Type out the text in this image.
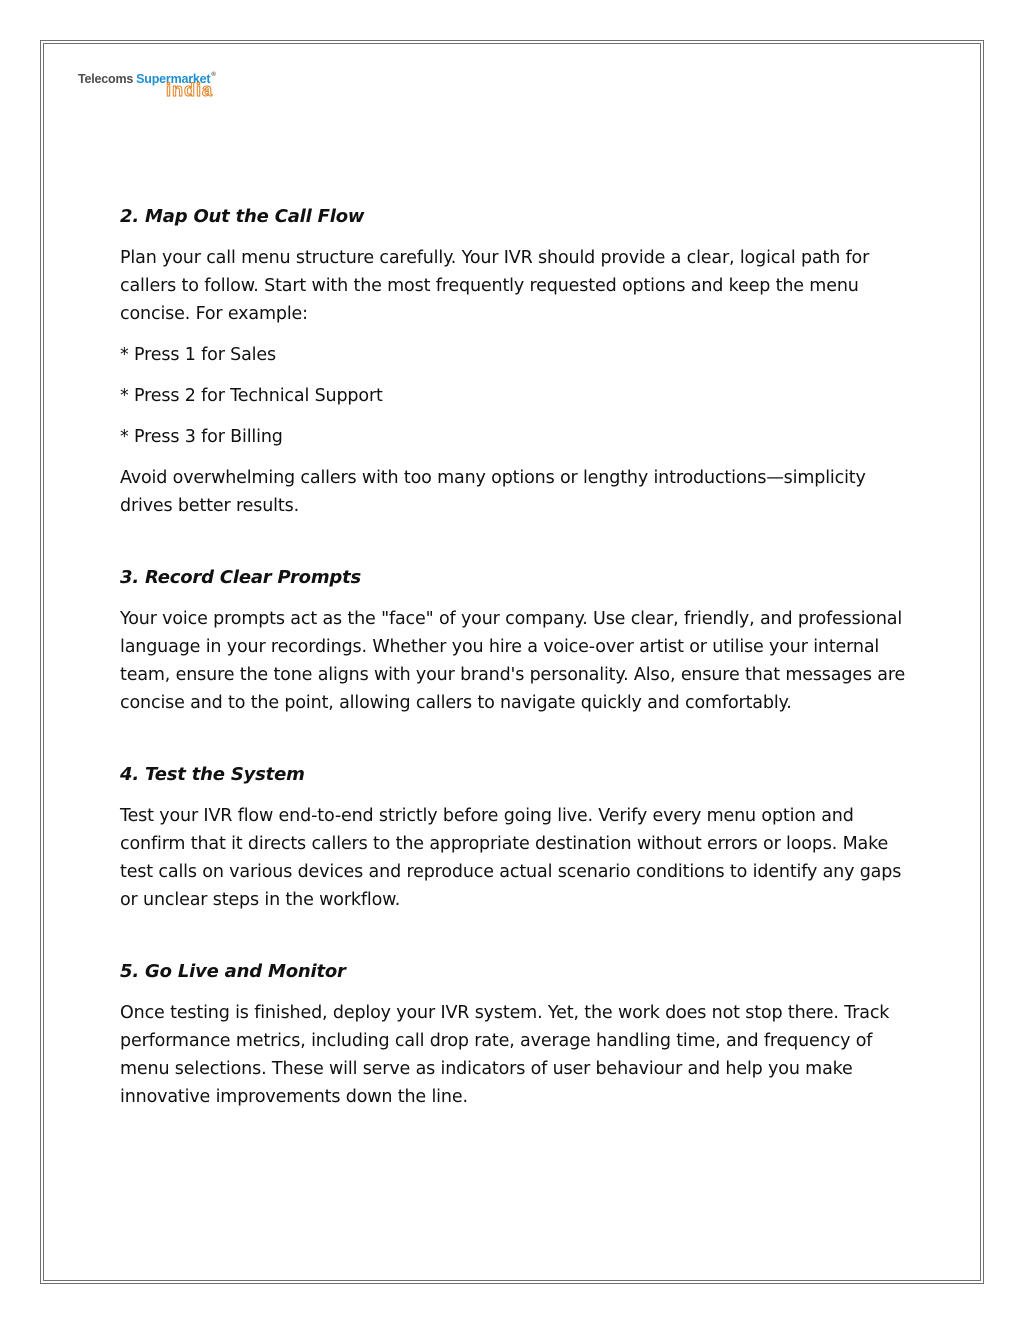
Telecoms Supermarket®
india
2. Map Out the Call Flow

Plan your call menu structure carefully. Your IVR should provide a clear, logical path for callers to follow. Start with the most frequently requested options and keep the menu concise. For example:

* Press 1 for Sales

* Press 2 for Technical Support

* Press 3 for Billing

Avoid overwhelming callers with too many options or lengthy introductions—simplicity drives better results.

3. Record Clear Prompts

Your voice prompts act as the "face" of your company. Use clear, friendly, and professional language in your recordings. Whether you hire a voice-over artist or utilise your internal team, ensure the tone aligns with your brand's personality. Also, ensure that messages are concise and to the point, allowing callers to navigate quickly and comfortably.

4. Test the System

Test your IVR flow end-to-end strictly before going live. Verify every menu option and confirm that it directs callers to the appropriate destination without errors or loops. Make test calls on various devices and reproduce actual scenario conditions to identify any gaps or unclear steps in the workflow.

5. Go Live and Monitor

Once testing is finished, deploy your IVR system. Yet, the work does not stop there. Track performance metrics, including call drop rate, average handling time, and frequency of menu selections. These will serve as indicators of user behaviour and help you make innovative improvements down the line.
